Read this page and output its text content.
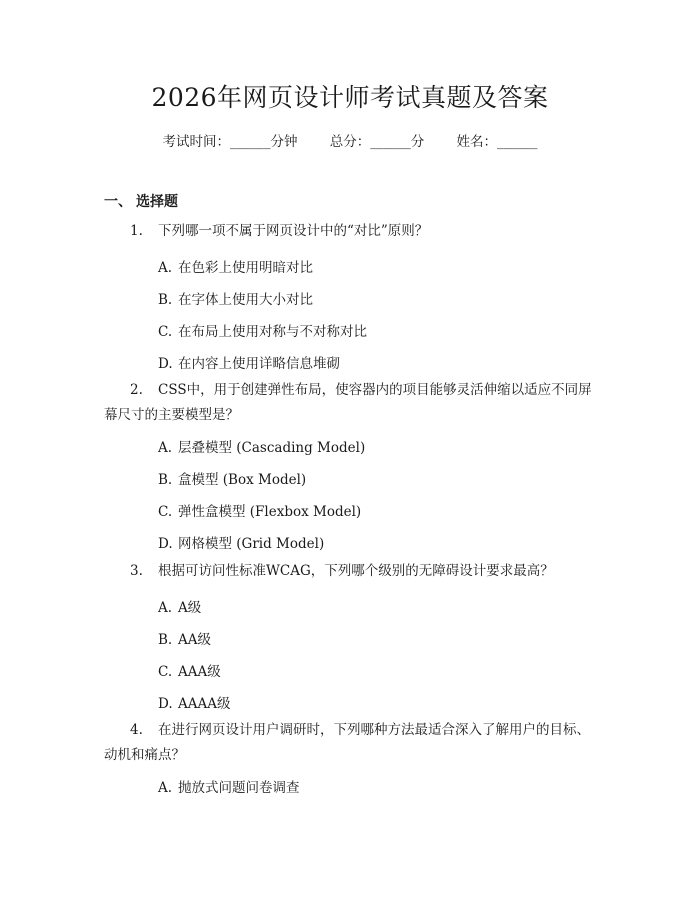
2026年网页设计师考试真题及答案
考试时间：______分钟 总分：______分 姓名：______
一、 选择题
1. 下列哪一项不属于网页设计中的“对比”原则？
A. 在色彩上使用明暗对比
B. 在字体上使用大小对比
C. 在布局上使用对称与不对称对比
D. 在内容上使用详略信息堆砌
2. CSS中，用于创建弹性布局，使容器内的项目能够灵活伸缩以适应不同屏
幕尺寸的主要模型是？
A. 层叠模型 (Cascading Model)
B. 盒模型 (Box Model)
C. 弹性盒模型 (Flexbox Model)
D. 网格模型 (Grid Model)
3. 根据可访问性标准WCAG，下列哪个级别的无障碍设计要求最高？
A. A级
B. AA级
C. AAA级
D. AAAA级
4. 在进行网页设计用户调研时，下列哪种方法最适合深入了解用户的目标、
动机和痛点？
A. 抛放式问题问卷调查
